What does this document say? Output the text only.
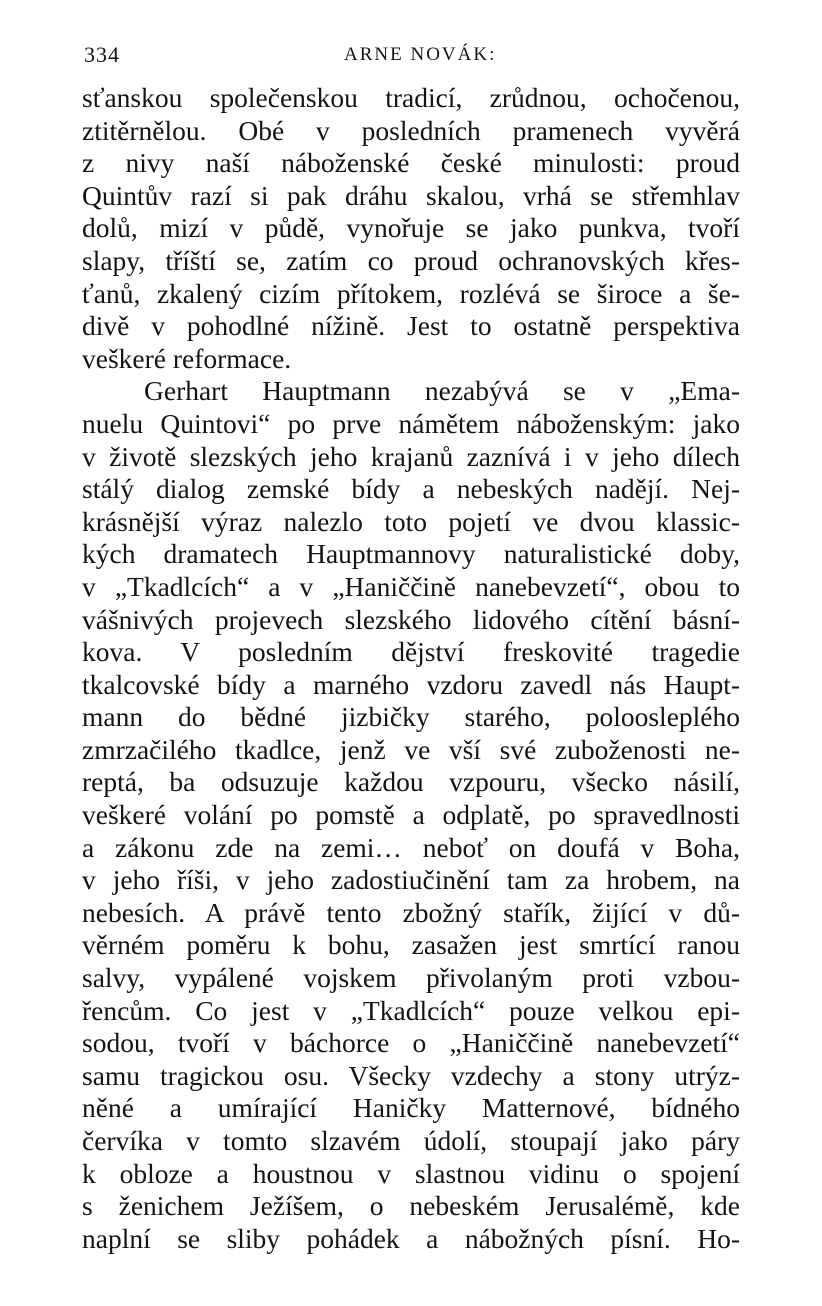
334	ARNE NOVÁK:
sťanskou společenskou tradicí, zrůdnou, ochočenou,
ztitěrnělou. Obé v posledních pramenech vyvěrá
z nivy naší náboženské české minulosti: proud
Quintův razí si pak dráhu skalou, vrhá se střemhlav
dolů, mizí v půdě, vynořuje se jako punkva, tvoří
slapy, tříští se, zatím co proud ochranovských křes-
ťanů, zkalený cizím přítokem, rozlévá se široce a še-
divě v pohodlné nížině. Jest to ostatně perspektiva
veškeré reformace.
Gerhart Hauptmann nezabývá se v „Ema-
nuelu Quintovi“ po prve námětem náboženským: jako
v životě slezských jeho krajanů zaznívá i v jeho dílech
stálý dialog zemské bídy a nebeských nadějí. Nej-
krásnější výraz nalezlo toto pojetí ve dvou klassic-
kých dramatech Hauptmannovy naturalistické doby,
v „Tkadlcích“ a v „Haniččině nanebevzetí“, obou to
vášnivých projevech slezského lidového cítění básní-
kova. V posledním dějství freskovité tragedie
tkalcovské bídy a marného vzdoru zavedl nás Haupt-
mann do bědné jizbičky starého, poloosleplého
zmrzačilého tkadlce, jenž ve vší své zuboženosti ne-
reptá, ba odsuzuje každou vzpouru, všecko násilí,
veškeré volání po pomstě a odplatě, po spravedlnosti
a zákonu zde na zemi… neboť on doufá v Boha,
v jeho říši, v jeho zadostiučinění tam za hrobem, na
nebesích. A právě tento zbožný stařík, žijící v dů-
věrném poměru k bohu, zasažen jest smrtící ranou
salvy, vypálené vojskem přivolaným proti vzbou-
řencům. Co jest v „Tkadlcích“ pouze velkou epi-
sodou, tvoří v báchorce o „Haniččině nanebevzetí“
samu tragickou osu. Všecky vzdechy a stony utrýz-
něné a umírající Haničky Matternové, bídného
červíka v tomto slzavém údolí, stoupají jako páry
k obloze a houstnou v slastnou vidinu o spojení
s ženichem Ježíšem, o nebeském Jerusalémě, kde
naplní se sliby pohádek a nábožných písní. Ho-
